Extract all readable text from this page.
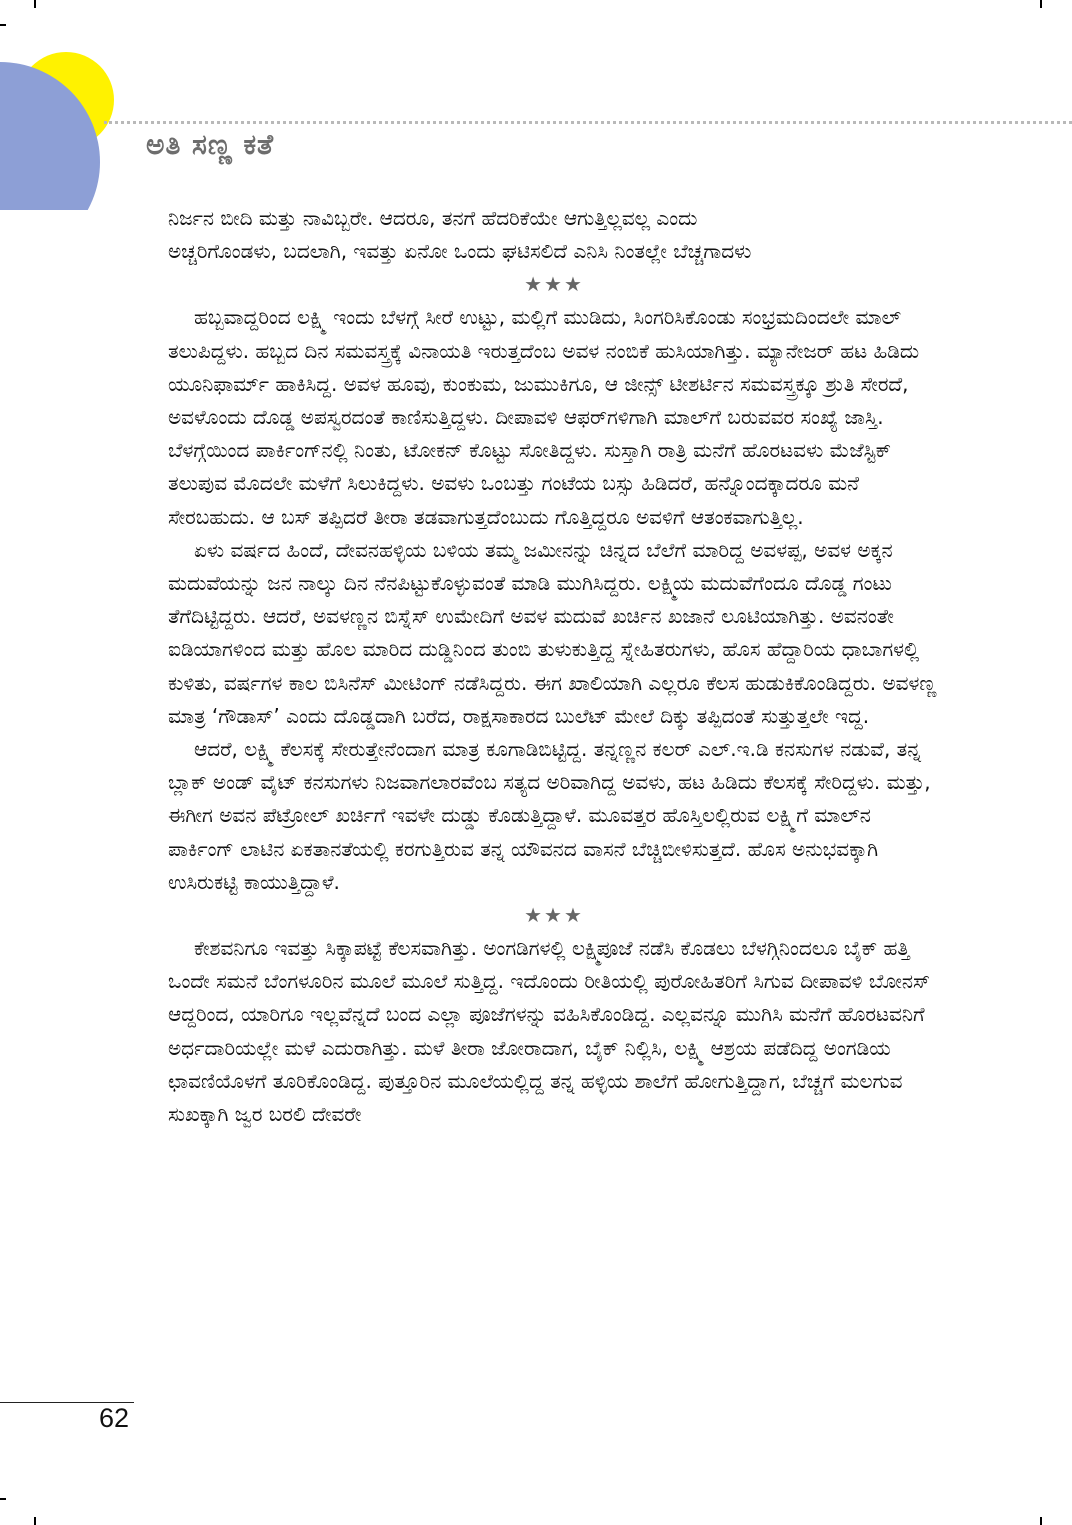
ಅತಿ ಸಣ್ಣ ಕತೆ

ನಿರ್ಜನ ಬೀದಿ ಮತ್ತು ನಾವಿಬ್ಬರೇ. ಆದರೂ, ತನಗೆ ಹೆದರಿಕೆಯೇ ಆಗುತ್ತಿಲ್ಲವಲ್ಲ ಎಂದು

ಅಚ್ಚರಿಗೊಂಡಳು, ಬದಲಾಗಿ, ಇವತ್ತು ಏನೋ ಒಂದು ಘಟಿಸಲಿದೆ ಎನಿಸಿ ನಿಂತಲ್ಲೇ ಬೆಚ್ಚಗಾದಳು

★★★

ಹಬ್ಬವಾದ್ದರಿಂದ ಲಕ್ಷ್ಮಿ ಇಂದು ಬೆಳಗ್ಗೆ ಸೀರೆ ಉಟ್ಟು, ಮಲ್ಲಿಗೆ ಮುಡಿದು, ಸಿಂಗರಿಸಿಕೊಂಡು ಸಂಭ್ರಮದಿಂದಲೇ ಮಾಲ್ ತಲುಪಿದ್ದಳು. ಹಬ್ಬದ ದಿನ ಸಮವಸ್ತ್ರಕ್ಕೆ ವಿನಾಯತಿ ಇರುತ್ತದೆಂಬ ಅವಳ ನಂಬಿಕೆ ಹುಸಿಯಾಗಿತ್ತು. ಮ್ಯಾನೇಜರ್ ಹಟ ಹಿಡಿದು ಯೂನಿಫಾರ್ಮ್ ಹಾಕಿಸಿದ್ದ. ಅವಳ ಹೂವು, ಕುಂಕುಮ, ಜುಮುಕಿಗೂ, ಆ ಜೀನ್ಸ್ ಟೀಶರ್ಟಿನ ಸಮವಸ್ತ್ರಕ್ಕೂ ಶ್ರುತಿ ಸೇರದೆ, ಅವಳೊಂದು ದೊಡ್ಡ ಅಪಸ್ವರದಂತೆ ಕಾಣಿಸುತ್ತಿದ್ದಳು. ದೀಪಾವಳಿ ಆಫರ್‌ಗಳಿಗಾಗಿ ಮಾಲ್‌ಗೆ ಬರುವವರ ಸಂಖ್ಯೆ ಜಾಸ್ತಿ. ಬೆಳಗ್ಗೆಯಿಂದ ಪಾರ್ಕಿಂಗ್‌ನಲ್ಲಿ ನಿಂತು, ಟೋಕನ್ ಕೊಟ್ಟು ಸೋತಿದ್ದಳು. ಸುಸ್ತಾಗಿ ರಾತ್ರಿ ಮನೆಗೆ ಹೊರಟವಳು ಮೆಜೆಸ್ಟಿಕ್ ತಲುಪುವ ಮೊದಲೇ ಮಳೆಗೆ ಸಿಲುಕಿದ್ದಳು. ಅವಳು ಒಂಬತ್ತು ಗಂಟೆಯ ಬಸ್ಸು ಹಿಡಿದರೆ, ಹನ್ನೊಂದಕ್ಕಾದರೂ ಮನೆ ಸೇರಬಹುದು. ಆ ಬಸ್ ತಪ್ಪಿದರೆ ತೀರಾ ತಡವಾಗುತ್ತದೆಂಬುದು ಗೊತ್ತಿದ್ದರೂ ಅವಳಿಗೆ ಆತಂಕವಾಗುತ್ತಿಲ್ಲ.

ಏಳು ವರ್ಷದ ಹಿಂದೆ, ದೇವನಹಳ್ಳಿಯ ಬಳಿಯ ತಮ್ಮ ಜಮೀನನ್ನು ಚಿನ್ನದ ಬೆಲೆಗೆ ಮಾರಿದ್ದ ಅವಳಪ್ಪ, ಅವಳ ಅಕ್ಕನ ಮದುವೆಯನ್ನು ಜನ ನಾಲ್ಕು ದಿನ ನೆನಪಿಟ್ಟುಕೊಳ್ಳುವಂತೆ ಮಾಡಿ ಮುಗಿಸಿದ್ದರು. ಲಕ್ಷ್ಮಿಯ ಮದುವೆಗೆಂದೂ ದೊಡ್ಡ ಗಂಟು ತೆಗೆದಿಟ್ಟಿದ್ದರು. ಆದರೆ, ಅವಳಣ್ಣನ ಬಿಸ್ನೆಸ್ ಉಮೇದಿಗೆ ಅವಳ ಮದುವೆ ಖರ್ಚಿನ ಖಜಾನೆ ಲೂಟಿಯಾಗಿತ್ತು. ಅವನಂತೇ ಐಡಿಯಾಗಳಿಂದ ಮತ್ತು ಹೊಲ ಮಾರಿದ ದುಡ್ಡಿನಿಂದ ತುಂಬಿ ತುಳುಕುತ್ತಿದ್ದ ಸ್ನೇಹಿತರುಗಳು, ಹೊಸ ಹೆದ್ದಾರಿಯ ಧಾಬಾಗಳಲ್ಲಿ ಕುಳಿತು, ವರ್ಷಗಳ ಕಾಲ ಬಿಸಿನೆಸ್ ಮೀಟಿಂಗ್ ನಡೆಸಿದ್ದರು. ಈಗ ಖಾಲಿಯಾಗಿ ಎಲ್ಲರೂ ಕೆಲಸ ಹುಡುಕಿಕೊಂಡಿದ್ದರು. ಅವಳಣ್ಣ ಮಾತ್ರ ‘ಗೌಡಾಸ್’ ಎಂದು ದೊಡ್ಡದಾಗಿ ಬರೆದ, ರಾಕ್ಷಸಾಕಾರದ ಬುಲೆಟ್ ಮೇಲೆ ದಿಕ್ಕು ತಪ್ಪಿದಂತೆ ಸುತ್ತುತ್ತಲೇ ಇದ್ದ.

ಆದರೆ, ಲಕ್ಷ್ಮಿ ಕೆಲಸಕ್ಕೆ ಸೇರುತ್ತೇನೆಂದಾಗ ಮಾತ್ರ ಕೂಗಾಡಿಬಿಟ್ಟಿದ್ದ. ತನ್ನಣ್ಣನ ಕಲರ್ ಎಲ್.ಇ.ಡಿ ಕನಸುಗಳ ನಡುವೆ, ತನ್ನ ಬ್ಲಾಕ್ ಅಂಡ್ ವೈಟ್ ಕನಸುಗಳು ನಿಜವಾಗಲಾರವೆಂಬ ಸತ್ಯದ ಅರಿವಾಗಿದ್ದ ಅವಳು, ಹಟ ಹಿಡಿದು ಕೆಲಸಕ್ಕೆ ಸೇರಿದ್ದಳು. ಮತ್ತು, ಈಗೀಗ ಅವನ ಪೆಟ್ರೋಲ್ ಖರ್ಚಿಗೆ ಇವಳೇ ದುಡ್ಡು ಕೊಡುತ್ತಿದ್ದಾಳೆ. ಮೂವತ್ತರ ಹೊಸ್ತಿಲಲ್ಲಿರುವ ಲಕ್ಷ್ಮಿಗೆ ಮಾಲ್‌ನ ಪಾರ್ಕಿಂಗ್ ಲಾಟಿನ ಏಕತಾನತೆಯಲ್ಲಿ ಕರಗುತ್ತಿರುವ ತನ್ನ ಯೌವನದ ವಾಸನೆ ಬೆಚ್ಚಿಬೀಳಿಸುತ್ತದೆ. ಹೊಸ ಅನುಭವಕ್ಕಾಗಿ ಉಸಿರುಕಟ್ಟಿ ಕಾಯುತ್ತಿದ್ದಾಳೆ.

★★★

ಕೇಶವನಿಗೂ ಇವತ್ತು ಸಿಕ್ಕಾಪಟ್ಟೆ ಕೆಲಸವಾಗಿತ್ತು. ಅಂಗಡಿಗಳಲ್ಲಿ ಲಕ್ಷ್ಮಿಪೂಜೆ ನಡೆಸಿ ಕೊಡಲು ಬೆಳಗ್ಗಿನಿಂದಲೂ ಬೈಕ್ ಹತ್ತಿ ಒಂದೇ ಸಮನೆ ಬೆಂಗಳೂರಿನ ಮೂಲೆ ಮೂಲೆ ಸುತ್ತಿದ್ದ. ಇದೊಂದು ರೀತಿಯಲ್ಲಿ ಪುರೋಹಿತರಿಗೆ ಸಿಗುವ ದೀಪಾವಳಿ ಬೋನಸ್ ಆದ್ದರಿಂದ, ಯಾರಿಗೂ ಇಲ್ಲವೆನ್ನದೆ ಬಂದ ಎಲ್ಲಾ ಪೂಜೆಗಳನ್ನು ವಹಿಸಿಕೊಂಡಿದ್ದ. ಎಲ್ಲವನ್ನೂ ಮುಗಿಸಿ ಮನೆಗೆ ಹೊರಟವನಿಗೆ ಅರ್ಧದಾರಿಯಲ್ಲೇ ಮಳೆ ಎದುರಾಗಿತ್ತು. ಮಳೆ ತೀರಾ ಜೋರಾದಾಗ, ಬೈಕ್ ನಿಲ್ಲಿಸಿ, ಲಕ್ಷ್ಮಿ ಆಶ್ರಯ ಪಡೆದಿದ್ದ ಅಂಗಡಿಯ ಛಾವಣಿಯೊಳಗೆ ತೂರಿಕೊಂಡಿದ್ದ. ಪುತ್ತೂರಿನ ಮೂಲೆಯಲ್ಲಿದ್ದ ತನ್ನ ಹಳ್ಳಿಯ ಶಾಲೆಗೆ ಹೋಗುತ್ತಿದ್ದಾಗ, ಬೆಚ್ಚಗೆ ಮಲಗುವ ಸುಖಕ್ಕಾಗಿ ಜ್ವರ ಬರಲಿ ದೇವರೇ

62
